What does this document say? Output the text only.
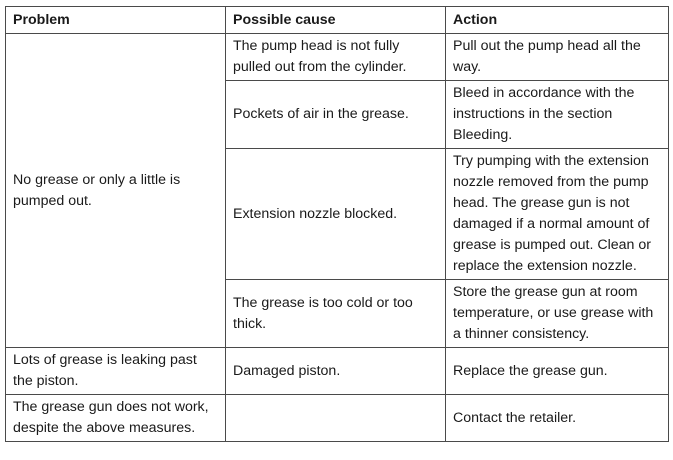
Problem	Possible cause	Action
No grease or only a little is pumped out.	The pump head is not fully pulled out from the cylinder.	Pull out the pump head all the way.
	Pockets of air in the grease.	Bleed in accordance with the instructions in the section Bleeding.
	Extension nozzle blocked.	Try pumping with the extension nozzle removed from the pump head. The grease gun is not damaged if a normal amount of grease is pumped out. Clean or replace the extension nozzle.
	The grease is too cold or too thick.	Store the grease gun at room temperature, or use grease with a thinner consistency.
Lots of grease is leaking past the piston.	Damaged piston.	Replace the grease gun.
The grease gun does not work, despite the above measures.		Contact the retailer.
